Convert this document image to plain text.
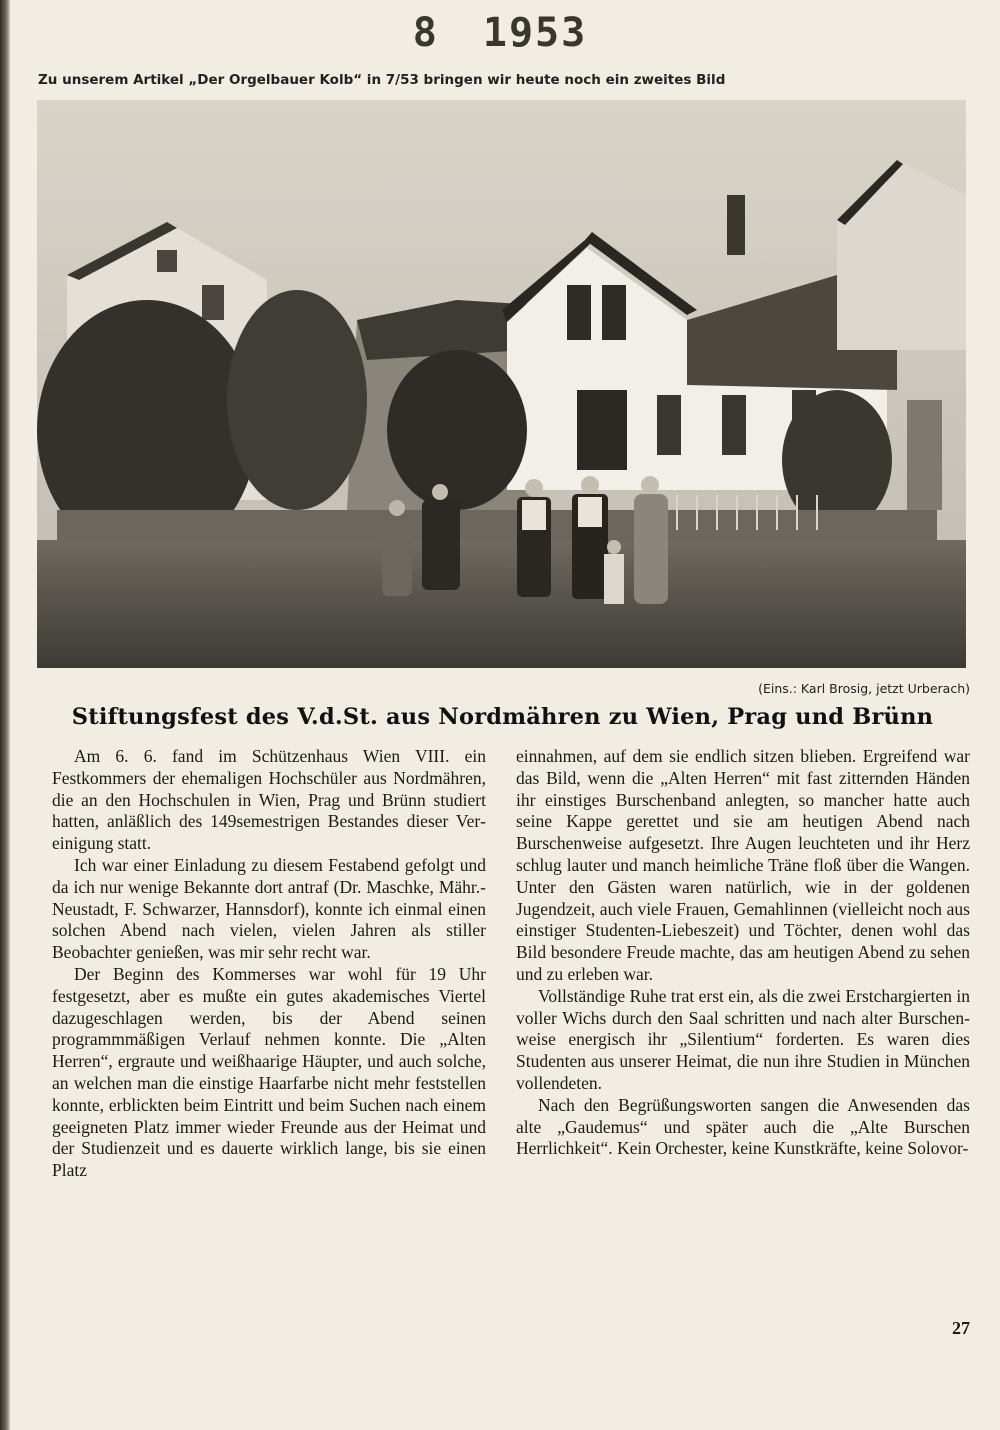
8 1953
Zu unserem Artikel „Der Orgelbauer Kolb“ in 7/53 bringen wir heute noch ein zweites Bild
(Eins.: Karl Brosig, jetzt Urberach)
Stiftungsfest des V.d.St. aus Nordmähren zu Wien, Prag und Brünn

Am 6. 6. fand im Schützenhaus Wien VIII. ein Festkommers der ehemaligen Hochschüler aus Nordmähren, die an den Hochschulen in Wien, Prag und Brünn studiert hatten, anläßlich des 149semestrigen Bestandes dieser Vereinigung statt.

Ich war einer Einladung zu diesem Festabend gefolgt und da ich nur wenige Bekannte dort antraf (Dr. Maschke, Mähr.-Neustadt, F. Schwarzer, Hannsdorf), konnte ich einmal einen solchen Abend nach vielen, vielen Jahren als stiller Beobachter genießen, was mir sehr recht war.

Der Beginn des Kommerses war wohl für 19 Uhr festgesetzt, aber es mußte ein gutes akademisches Viertel dazugeschlagen werden, bis der Abend seinen programmmäßigen Verlauf nehmen konnte. Die „Alten Herren“, ergraute und weißhaarige Häupter, und auch solche, an welchen man die einstige Haarfarbe nicht mehr feststellen konnte, erblickten beim Eintritt und beim Suchen nach einem geeigneten Platz immer wieder Freunde aus der Heimat und der Studienzeit und es dauerte wirklich lange, bis sie einen Platz

einnahmen, auf dem sie endlich sitzen blieben. Ergreifend war das Bild, wenn die „Alten Herren“ mit fast zitternden Händen ihr einstiges Burschenband anlegten, so mancher hatte auch seine Kappe gerettet und sie am heutigen Abend nach Burschenweise aufgesetzt. Ihre Augen leuchteten und ihr Herz schlug lauter und manch heimliche Träne floß über die Wangen. Unter den Gästen waren natürlich, wie in der goldenen Jugendzeit, auch viele Frauen, Gemahlinnen (vielleicht noch aus einstiger Studenten-Liebeszeit) und Töchter, denen wohl das Bild besondere Freude machte, das am heutigen Abend zu sehen und zu erleben war.

Vollständige Ruhe trat erst ein, als die zwei Erstchargierten in voller Wichs durch den Saal schritten und nach alter Burschenweise energisch ihr „Silentium“ forderten. Es waren dies Studenten aus unserer Heimat, die nun ihre Studien in München vollendeten.

Nach den Begrüßungsworten sangen die Anwesenden das alte „Gaudemus“ und später auch die „Alte Burschen Herrlichkeit“. Kein Orchester, keine Kunstkräfte, keine Solovor-

27
